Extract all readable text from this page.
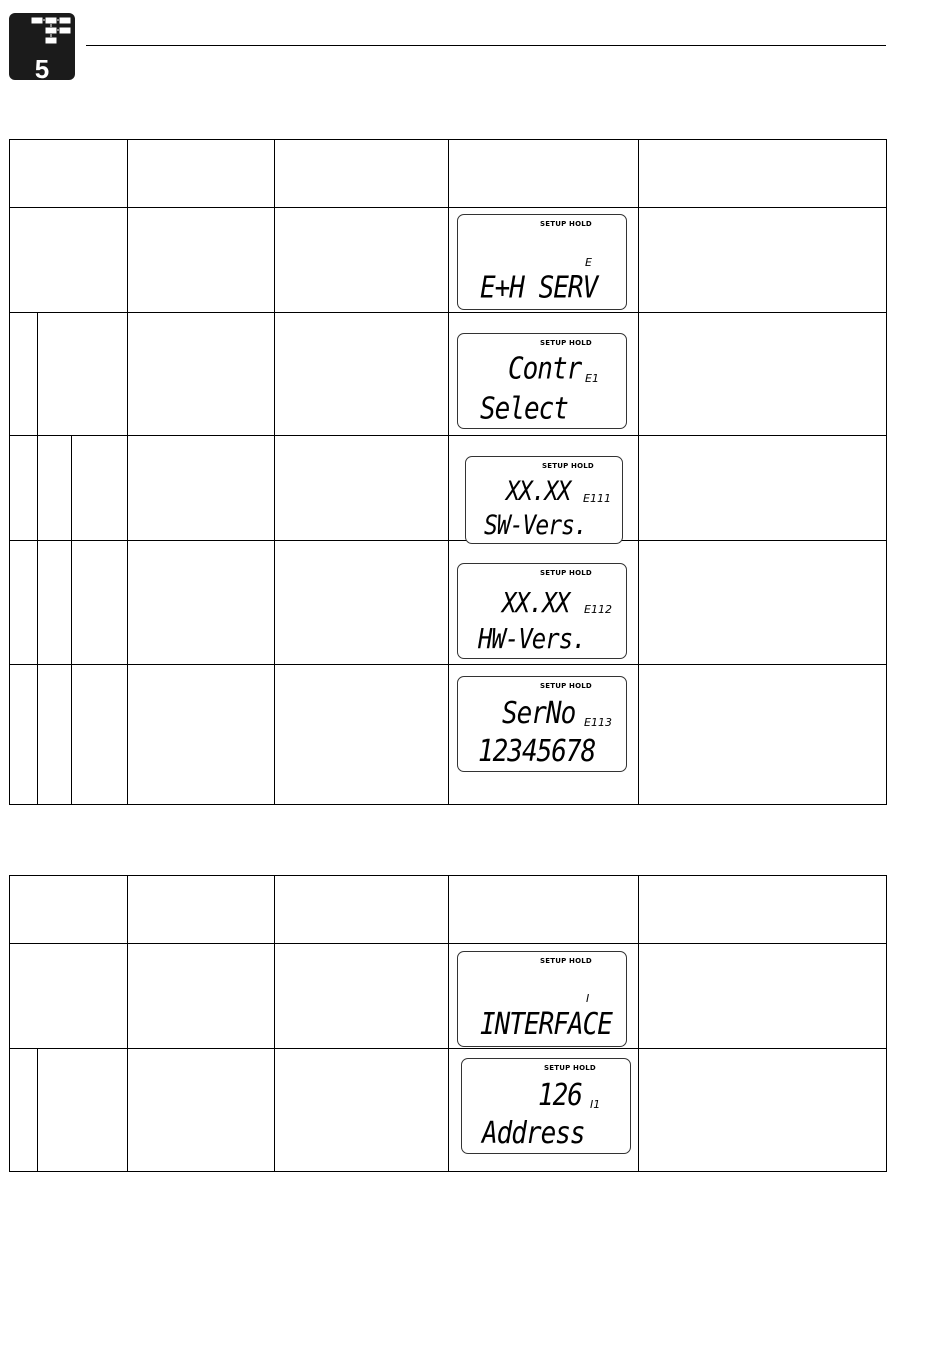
5
SETUP HOLD
E
E+H SERV
SETUP HOLD
Contr E1
Select
SETUP HOLD
XX.XX E111
SW-Vers.
SETUP HOLD
XX.XX E112
HW-Vers.
SETUP HOLD
SerNo E113
12345678
SETUP HOLD
I
INTERFACE
SETUP HOLD
126 I1
Address
